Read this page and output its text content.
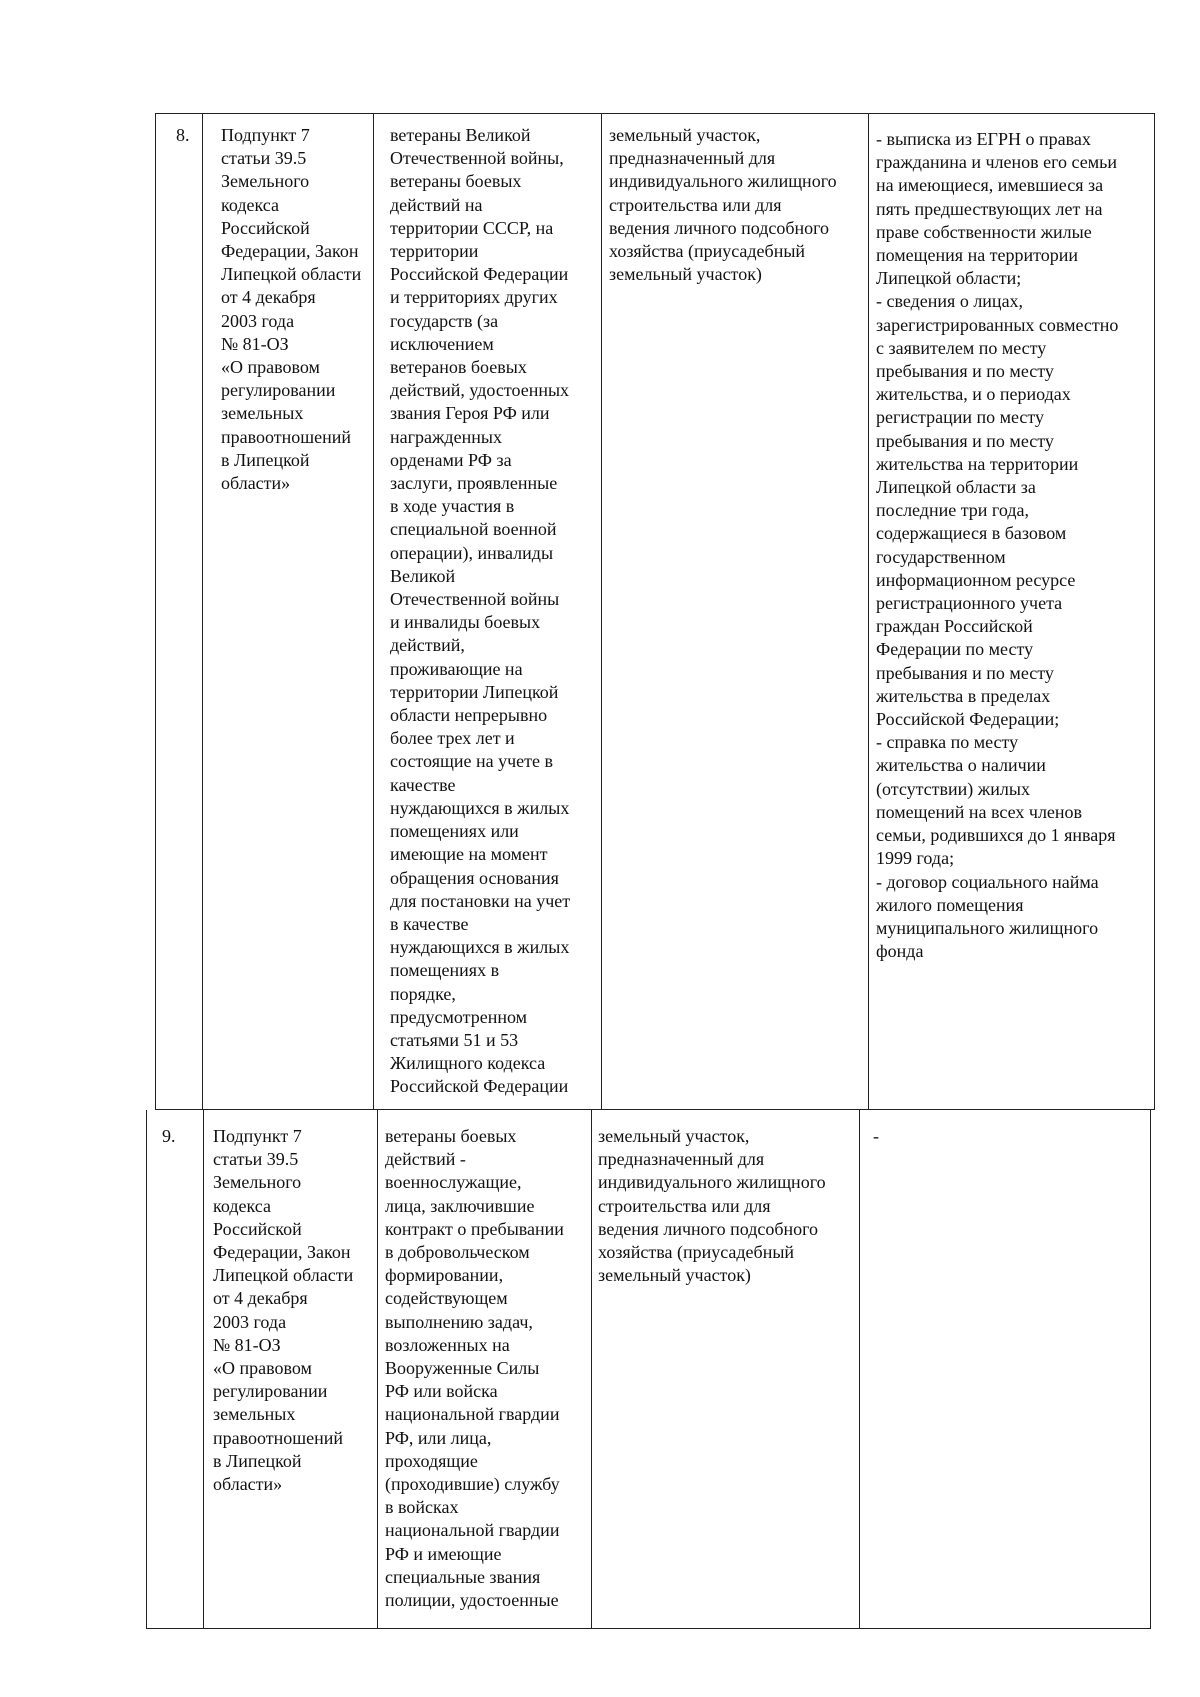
8. Подпункт 7
статьи 39.5
Земельного
кодекса
Российской
Федерации, Закон
Липецкой области
от 4 декабря
2003 года
№ 81-ОЗ
«О правовом
регулировании
земельных
правоотношений
в Липецкой
области»
ветераны Великой
Отечественной войны,
ветераны боевых
действий на
территории СССР, на
территории
Российской Федерации
и территориях других
государств (за
исключением
ветеранов боевых
действий, удостоенных
звания Героя РФ или
награжденных
орденами РФ за
заслуги, проявленные
в ходе участия в
специальной военной
операции), инвалиды
Великой
Отечественной войны
и инвалиды боевых
действий,
проживающие на
территории Липецкой
области непрерывно
более трех лет и
состоящие на учете в
качестве
нуждающихся в жилых
помещениях или
имеющие на момент
обращения основания
для постановки на учет
в качестве
нуждающихся в жилых
помещениях в
порядке,
предусмотренном
статьями 51 и 53
Жилищного кодекса
Российской Федерации
земельный участок,
предназначенный для
индивидуального жилищного
строительства или для
ведения личного подсобного
хозяйства (приусадебный
земельный участок)
- выписка из ЕГРН о правах
гражданина и членов его семьи
на имеющиеся, имевшиеся за
пять предшествующих лет на
праве собственности жилые
помещения на территории
Липецкой области;
- сведения о лицах,
зарегистрированных совместно
с заявителем по месту
пребывания и по месту
жительства, и о периодах
регистрации по месту
пребывания и по месту
жительства на территории
Липецкой области за
последние три года,
содержащиеся в базовом
государственном
информационном ресурсе
регистрационного учета
граждан Российской
Федерации по месту
пребывания и по месту
жительства в пределах
Российской Федерации;
- справка по месту
жительства о наличии
(отсутствии) жилых
помещений на всех членов
семьи, родившихся до 1 января
1999 года;
- договор социального найма
жилого помещения
муниципального жилищного
фонда
9. Подпункт 7
статьи 39.5
Земельного
кодекса
Российской
Федерации, Закон
Липецкой области
от 4 декабря
2003 года
№ 81-ОЗ
«О правовом
регулировании
земельных
правоотношений
в Липецкой
области»
ветераны боевых
действий -
военнослужащие,
лица, заключившие
контракт о пребывании
в добровольческом
формировании,
содействующем
выполнению задач,
возложенных на
Вооруженные Силы
РФ или войска
национальной гвардии
РФ, или лица,
проходящие
(проходившие) службу
в войсках
национальной гвардии
РФ и имеющие
специальные звания
полиции, удостоенные
земельный участок,
предназначенный для
индивидуального жилищного
строительства или для
ведения личного подсобного
хозяйства (приусадебный
земельный участок)
-
